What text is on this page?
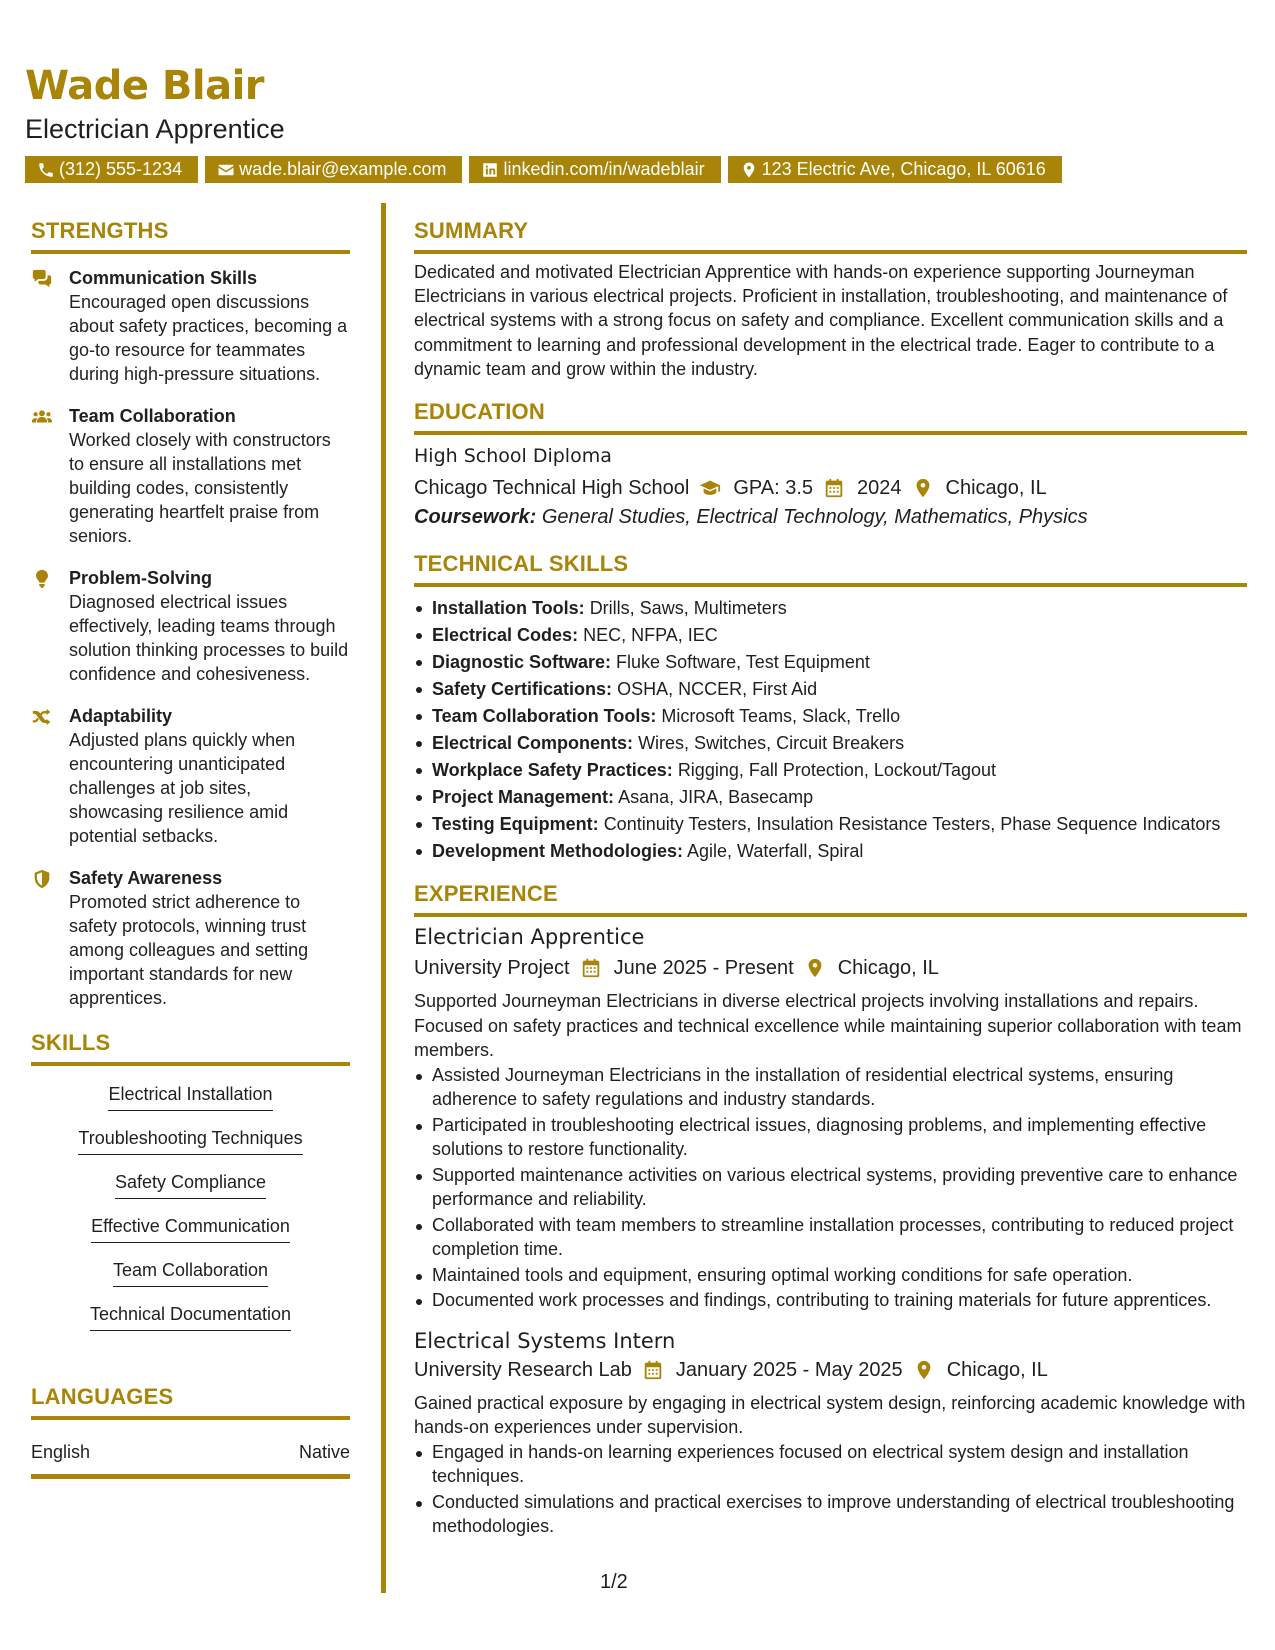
Wade Blair
Electrician Apprentice
(312) 555-1234	wade.blair@example.com	linkedin.com/in/wadeblair	123 Electric Ave, Chicago, IL 60616
STRENGTHS
Communication Skills
Encouraged open discussions about safety practices, becoming a go-to resource for teammates during high-pressure situations.
Team Collaboration
Worked closely with constructors to ensure all installations met building codes, consistently generating heartfelt praise from seniors.
Problem-Solving
Diagnosed electrical issues effectively, leading teams through solution thinking processes to build confidence and cohesiveness.
Adaptability
Adjusted plans quickly when encountering unanticipated challenges at job sites, showcasing resilience amid potential setbacks.
Safety Awareness
Promoted strict adherence to safety protocols, winning trust among colleagues and setting important standards for new apprentices.
SKILLS
Electrical Installation
Troubleshooting Techniques
Safety Compliance
Effective Communication
Team Collaboration
Technical Documentation
LANGUAGES
English	Native
SUMMARY

Dedicated and motivated Electrician Apprentice with hands-on experience supporting Journeyman Electricians in various electrical projects. Proficient in installation, troubleshooting, and maintenance of electrical systems with a strong focus on safety and compliance. Excellent communication skills and a commitment to learning and professional development in the electrical trade. Eager to contribute to a dynamic team and grow within the industry.

EDUCATION
High School Diploma
Chicago Technical High School GPA: 3.5 2024 Chicago, IL
Coursework: General Studies, Electrical Technology, Mathematics, Physics
TECHNICAL SKILLS
Installation Tools: Drills, Saws, Multimeters
Electrical Codes: NEC, NFPA, IEC
Diagnostic Software: Fluke Software, Test Equipment
Safety Certifications: OSHA, NCCER, First Aid
Team Collaboration Tools: Microsoft Teams, Slack, Trello
Electrical Components: Wires, Switches, Circuit Breakers
Workplace Safety Practices: Rigging, Fall Protection, Lockout/Tagout
Project Management: Asana, JIRA, Basecamp
Testing Equipment: Continuity Testers, Insulation Resistance Testers, Phase Sequence Indicators
Development Methodologies: Agile, Waterfall, Spiral
EXPERIENCE
Electrician Apprentice
University Project June 2025 - Present Chicago, IL
Supported Journeyman Electricians in diverse electrical projects involving installations and repairs. Focused on safety practices and technical excellence while maintaining superior collaboration with team members.
Assisted Journeyman Electricians in the installation of residential electrical systems, ensuring adherence to safety regulations and industry standards.
Participated in troubleshooting electrical issues, diagnosing problems, and implementing effective solutions to restore functionality.
Supported maintenance activities on various electrical systems, providing preventive care to enhance performance and reliability.
Collaborated with team members to streamline installation processes, contributing to reduced project completion time.
Maintained tools and equipment, ensuring optimal working conditions for safe operation.
Documented work processes and findings, contributing to training materials for future apprentices.
Electrical Systems Intern
University Research Lab January 2025 - May 2025 Chicago, IL
Gained practical exposure by engaging in electrical system design, reinforcing academic knowledge with hands-on experiences under supervision.
Engaged in hands-on learning experiences focused on electrical system design and installation techniques.
Conducted simulations and practical exercises to improve understanding of electrical troubleshooting methodologies.
1/2
